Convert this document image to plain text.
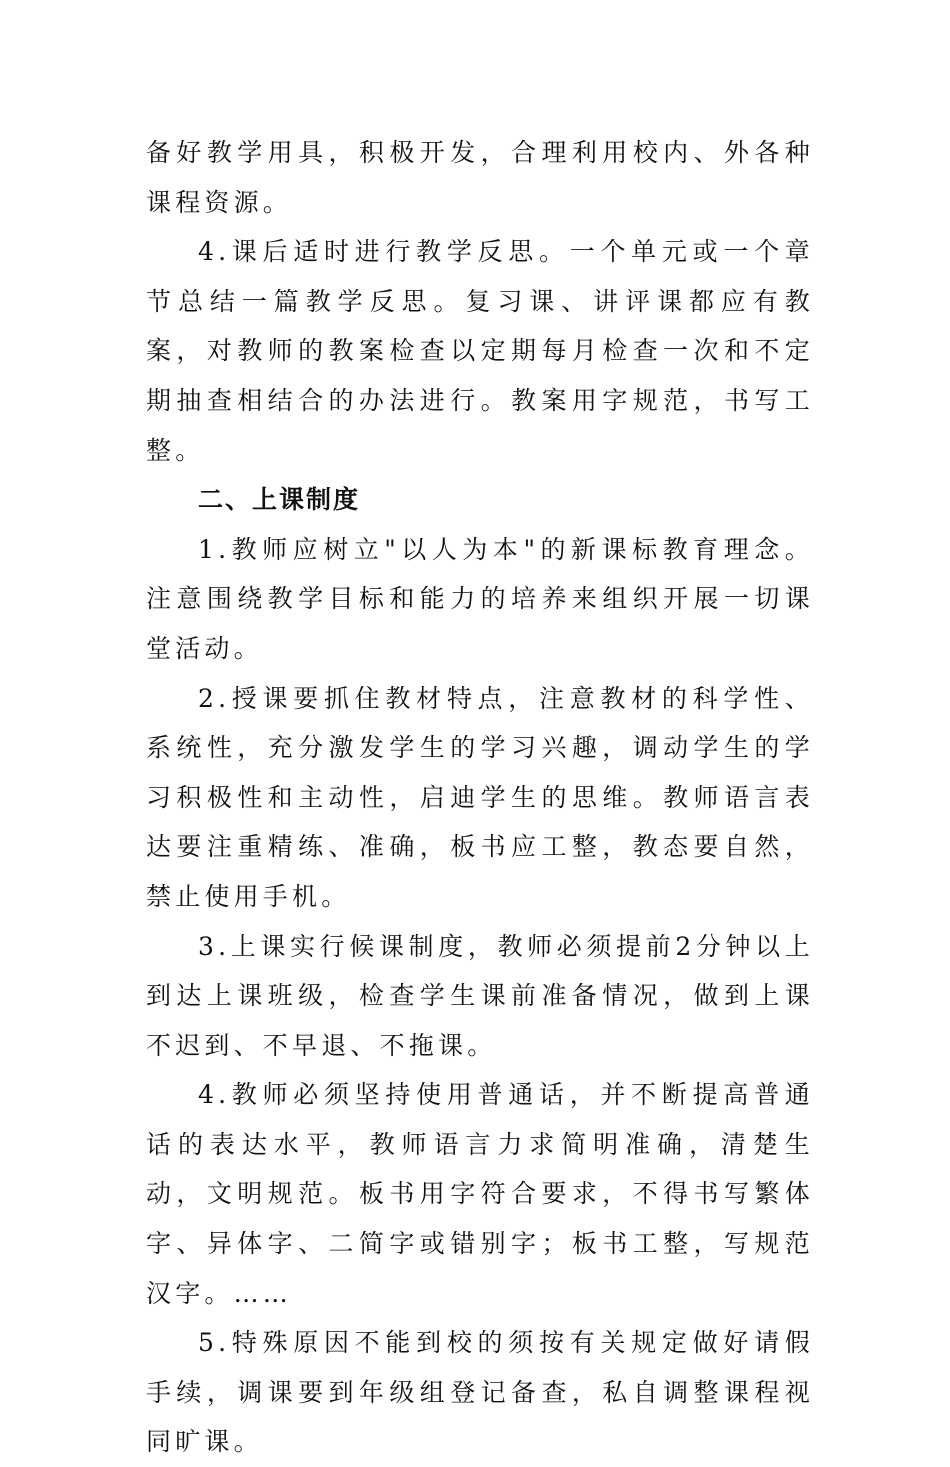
备好教学用具，积极开发，合理利用校内、外各种课程资源。

4.课后适时进行教学反思。一个单元或一个章节总结一篇教学反思。复习课、讲评课都应有教案，对教师的教案检查以定期每月检查一次和不定期抽查相结合的办法进行。教案用字规范，书写工整。

二、上课制度

1.教师应树立"以人为本"的新课标教育理念。注意围绕教学目标和能力的培养来组织开展一切课堂活动。

2.授课要抓住教材特点，注意教材的科学性、系统性，充分激发学生的学习兴趣，调动学生的学习积极性和主动性，启迪学生的思维。教师语言表达要注重精练、准确，板书应工整，教态要自然，禁止使用手机。

3.上课实行候课制度，教师必须提前2分钟以上到达上课班级，检查学生课前准备情况，做到上课不迟到、不早退、不拖课。

4.教师必须坚持使用普通话，并不断提高普通话的表达水平，教师语言力求简明准确，清楚生动，文明规范。板书用字符合要求，不得书写繁体字、异体字、二简字或错别字；板书工整，写规范汉字。……

5.特殊原因不能到校的须按有关规定做好请假手续，调课要到年级组登记备查，私自调整课程视同旷课。
